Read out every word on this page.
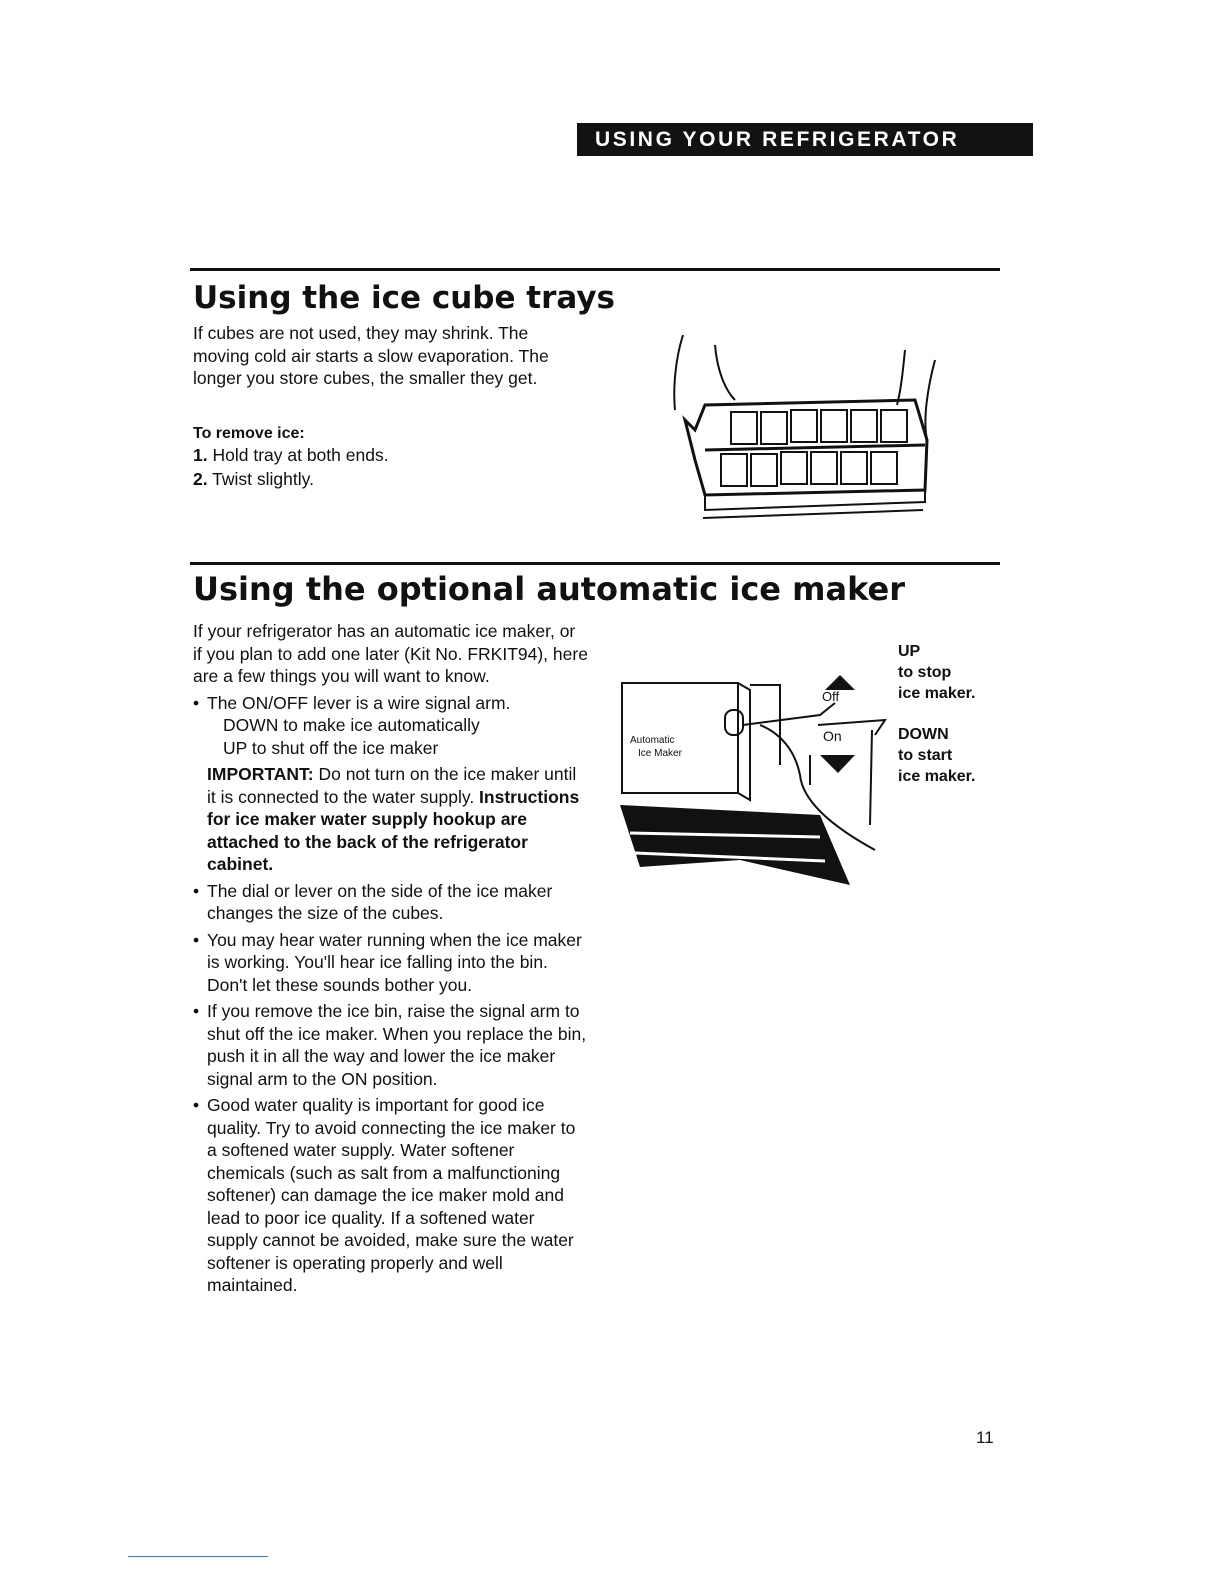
USING YOUR REFRIGERATOR
Using the ice cube trays

If cubes are not used, they may shrink. The moving cold air starts a slow evaporation. The longer you store cubes, the smaller they get.

To remove ice:

1. Hold tray at both ends.
2. Twist slightly.
Using the optional automatic ice maker

If your refrigerator has an automatic ice maker, or if you plan to add one later (Kit No. FRKIT94), here are a few things you will want to know.

• The ON/OFF lever is a wire signal arm.

DOWN to make ice automatically

UP to shut off the ice maker

IMPORTANT: Do not turn on the ice maker until it is connected to the water supply. Instructions for ice maker water supply hookup are attached to the back of the refrigerator cabinet.

• The dial or lever on the side of the ice maker changes the size of the cubes.

• You may hear water running when the ice maker is working. You'll hear ice falling into the bin. Don't let these sounds bother you.

• If you remove the ice bin, raise the signal arm to shut off the ice maker. When you replace the bin, push it in all the way and lower the ice maker signal arm to the ON position.

• Good water quality is important for good ice quality. Try to avoid connecting the ice maker to a softened water supply. Water softener chemicals (such as salt from a malfunctioning softener) can damage the ice maker mold and lead to poor ice quality. If a softened water supply cannot be avoided, make sure the water softener is operating properly and well maintained.

Automatic
Ice Maker
Off
On
UP
to stop
ice maker.
DOWN
to start
ice maker.
11
